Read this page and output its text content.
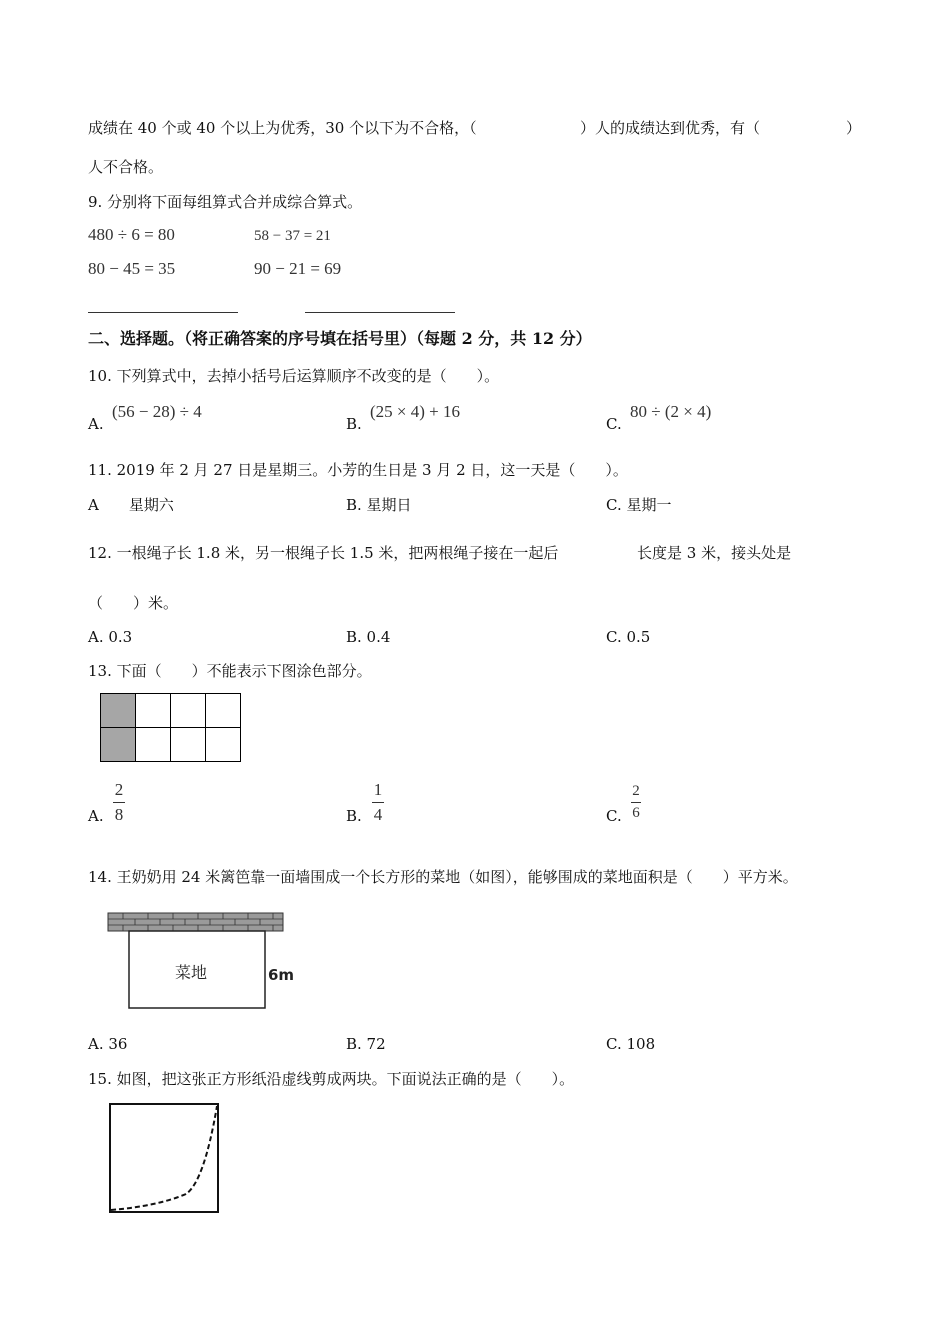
成绩在 40 个或 40 个以上为优秀，30 个以下为不合格，（	）人的成绩达到优秀，有（	）
人不合格。
9. 分别将下面每组算式合并成综合算式。
480 ÷ 6 = 80	58 − 37 = 21
80 − 45 = 35	90 − 21 = 69
二、选择题。（将正确答案的序号填在括号里）（每题 2 分，共 12 分）
10. 下列算式中，去掉小括号后运算顺序不改变的是（　　）。
A.
(56 − 28) ÷ 4
B.
(25 × 4) + 16
C.
80 ÷ (2 × 4)
11. 2019 年 2 月 27 日是星期三。小芳的生日是 3 月 2 日，这一天是（　　）。
A　　星期六	B. 星期日	C. 星期一
12. 一根绳子长 1.8 米，另一根绳子长 1.5 米，把两根绳子接在一起后	长度是 3 米，接头处是
（　　）米。
A. 0.3	B. 0.4	C. 0.5
13. 下面（　　）不能表示下图涂色部分。

A.
2
8	B.
1
4	C.
2
6
14. 王奶奶用 24 米篱笆靠一面墙围成一个长方形的菜地（如图），能够围成的菜地面积是（　　）平方米。
菜地	6m
A. 36	B. 72	C. 108
15. 如图，把这张正方形纸沿虚线剪成两块。下面说法正确的是（　　）。
